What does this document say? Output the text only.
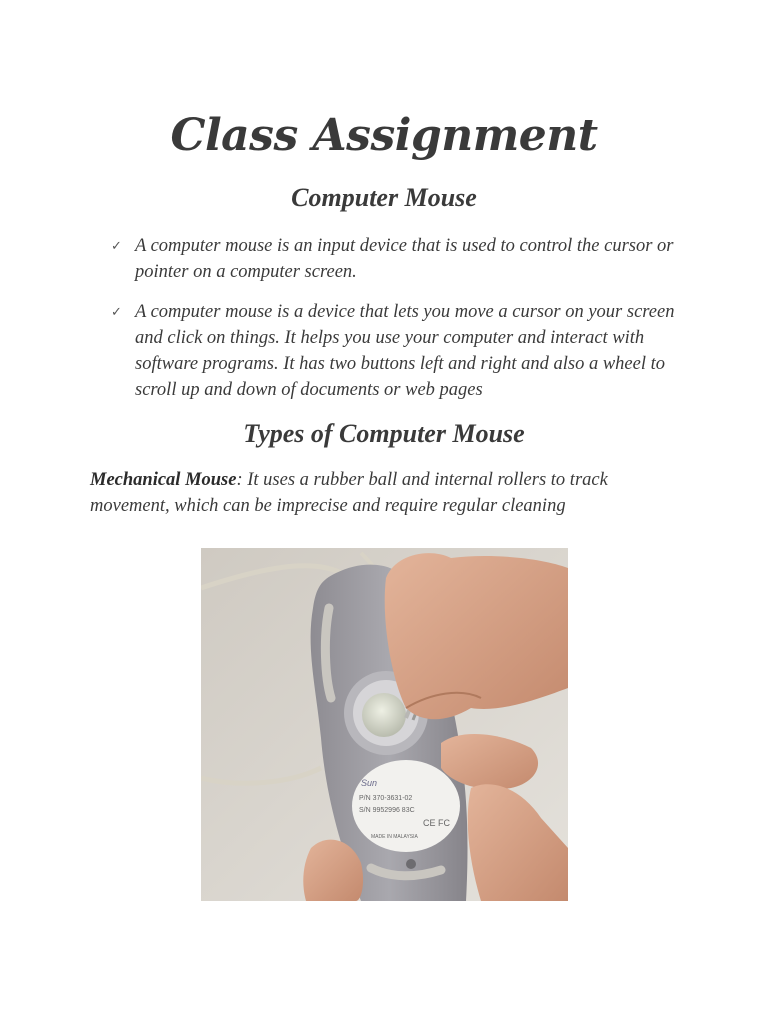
Class Assignment
Computer Mouse
✓ A computer mouse is an input device that is used to control the cursor or pointer on a computer screen.
✓ A computer mouse is a device that lets you move a cursor on your screen and click on things. It helps you use your computer and interact with software programs. It has two buttons left and right and also a wheel to scroll up and down of documents or web pages
Types of Computer Mouse

Mechanical Mouse: It uses a rubber ball and internal rollers to track movement, which can be imprecise and require regular cleaning

Sun
P/N 370-3631-02
S/N 9952996 83C
CE FC
MADE IN MALAYSIA
